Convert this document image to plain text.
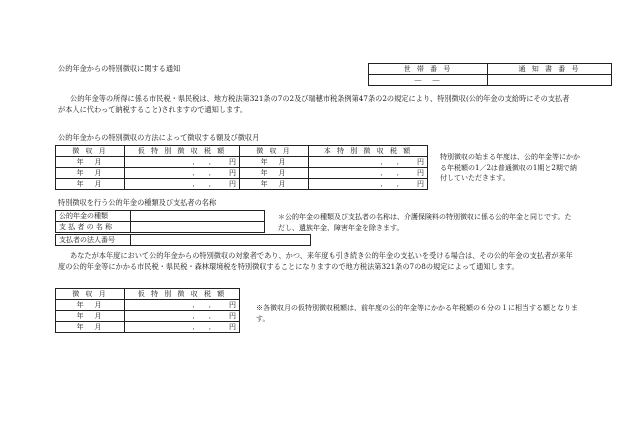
公的年金からの特別徴収に関する通知	世 帯 番 号	通 知 書 番 号
―　―	
公的年金等の所得に係る市民税・県民税は、地方税法第321条の7の2及び瑞穂市税条例第47条の2の規定により、特別徴収(公的年金の支給時にその支払者が本人に代わって納税すること)されますので通知します。
公的年金からの特別徴収の方法によって徴収する額及び徴収月
徴 収 月	仮 特 別 徴 収 税 額	徴 収 月	本 特 別 徴 収 税 額
年　月	,　　, 円	年　月	,　　, 円
年　月	,　　, 円	年　月	,　　, 円
年　月	,　　, 円	年　月	,　　, 円
特別徴収の始まる年度は、公的年金等にかかる年税額の1／2は普通徴収の1期と2期で納付していただきます。
特別徴収を行う公的年金の種類及び支払者の名称
公的年金の種類	
支 払 者 の 名 称	
支払者の法人番号	
＊公的年金の種類及び支払者の名称は、介護保険料の特別徴収に係る公的年金と同じです。ただし、遺族年金、障害年金を除きます。
あなたが本年度において公的年金からの特別徴収の対象者であり、かつ、来年度も引き続き公的年金の支払いを受ける場合は、その公的年金の支払者が来年度の公的年金等にかかる市民税・県民税・森林環境税を特別徴収することになりますので地方税法第321条の7の8の規定によって通知します。
徴 収 月	仮 特 別 徴 収 税 額
年　月	,　　, 円
年　月	,　　, 円
年　月	,　　, 円
※各徴収月の仮特別徴収税額は、前年度の公的年金等にかかる年税額の６分の１に相当する額となります。
